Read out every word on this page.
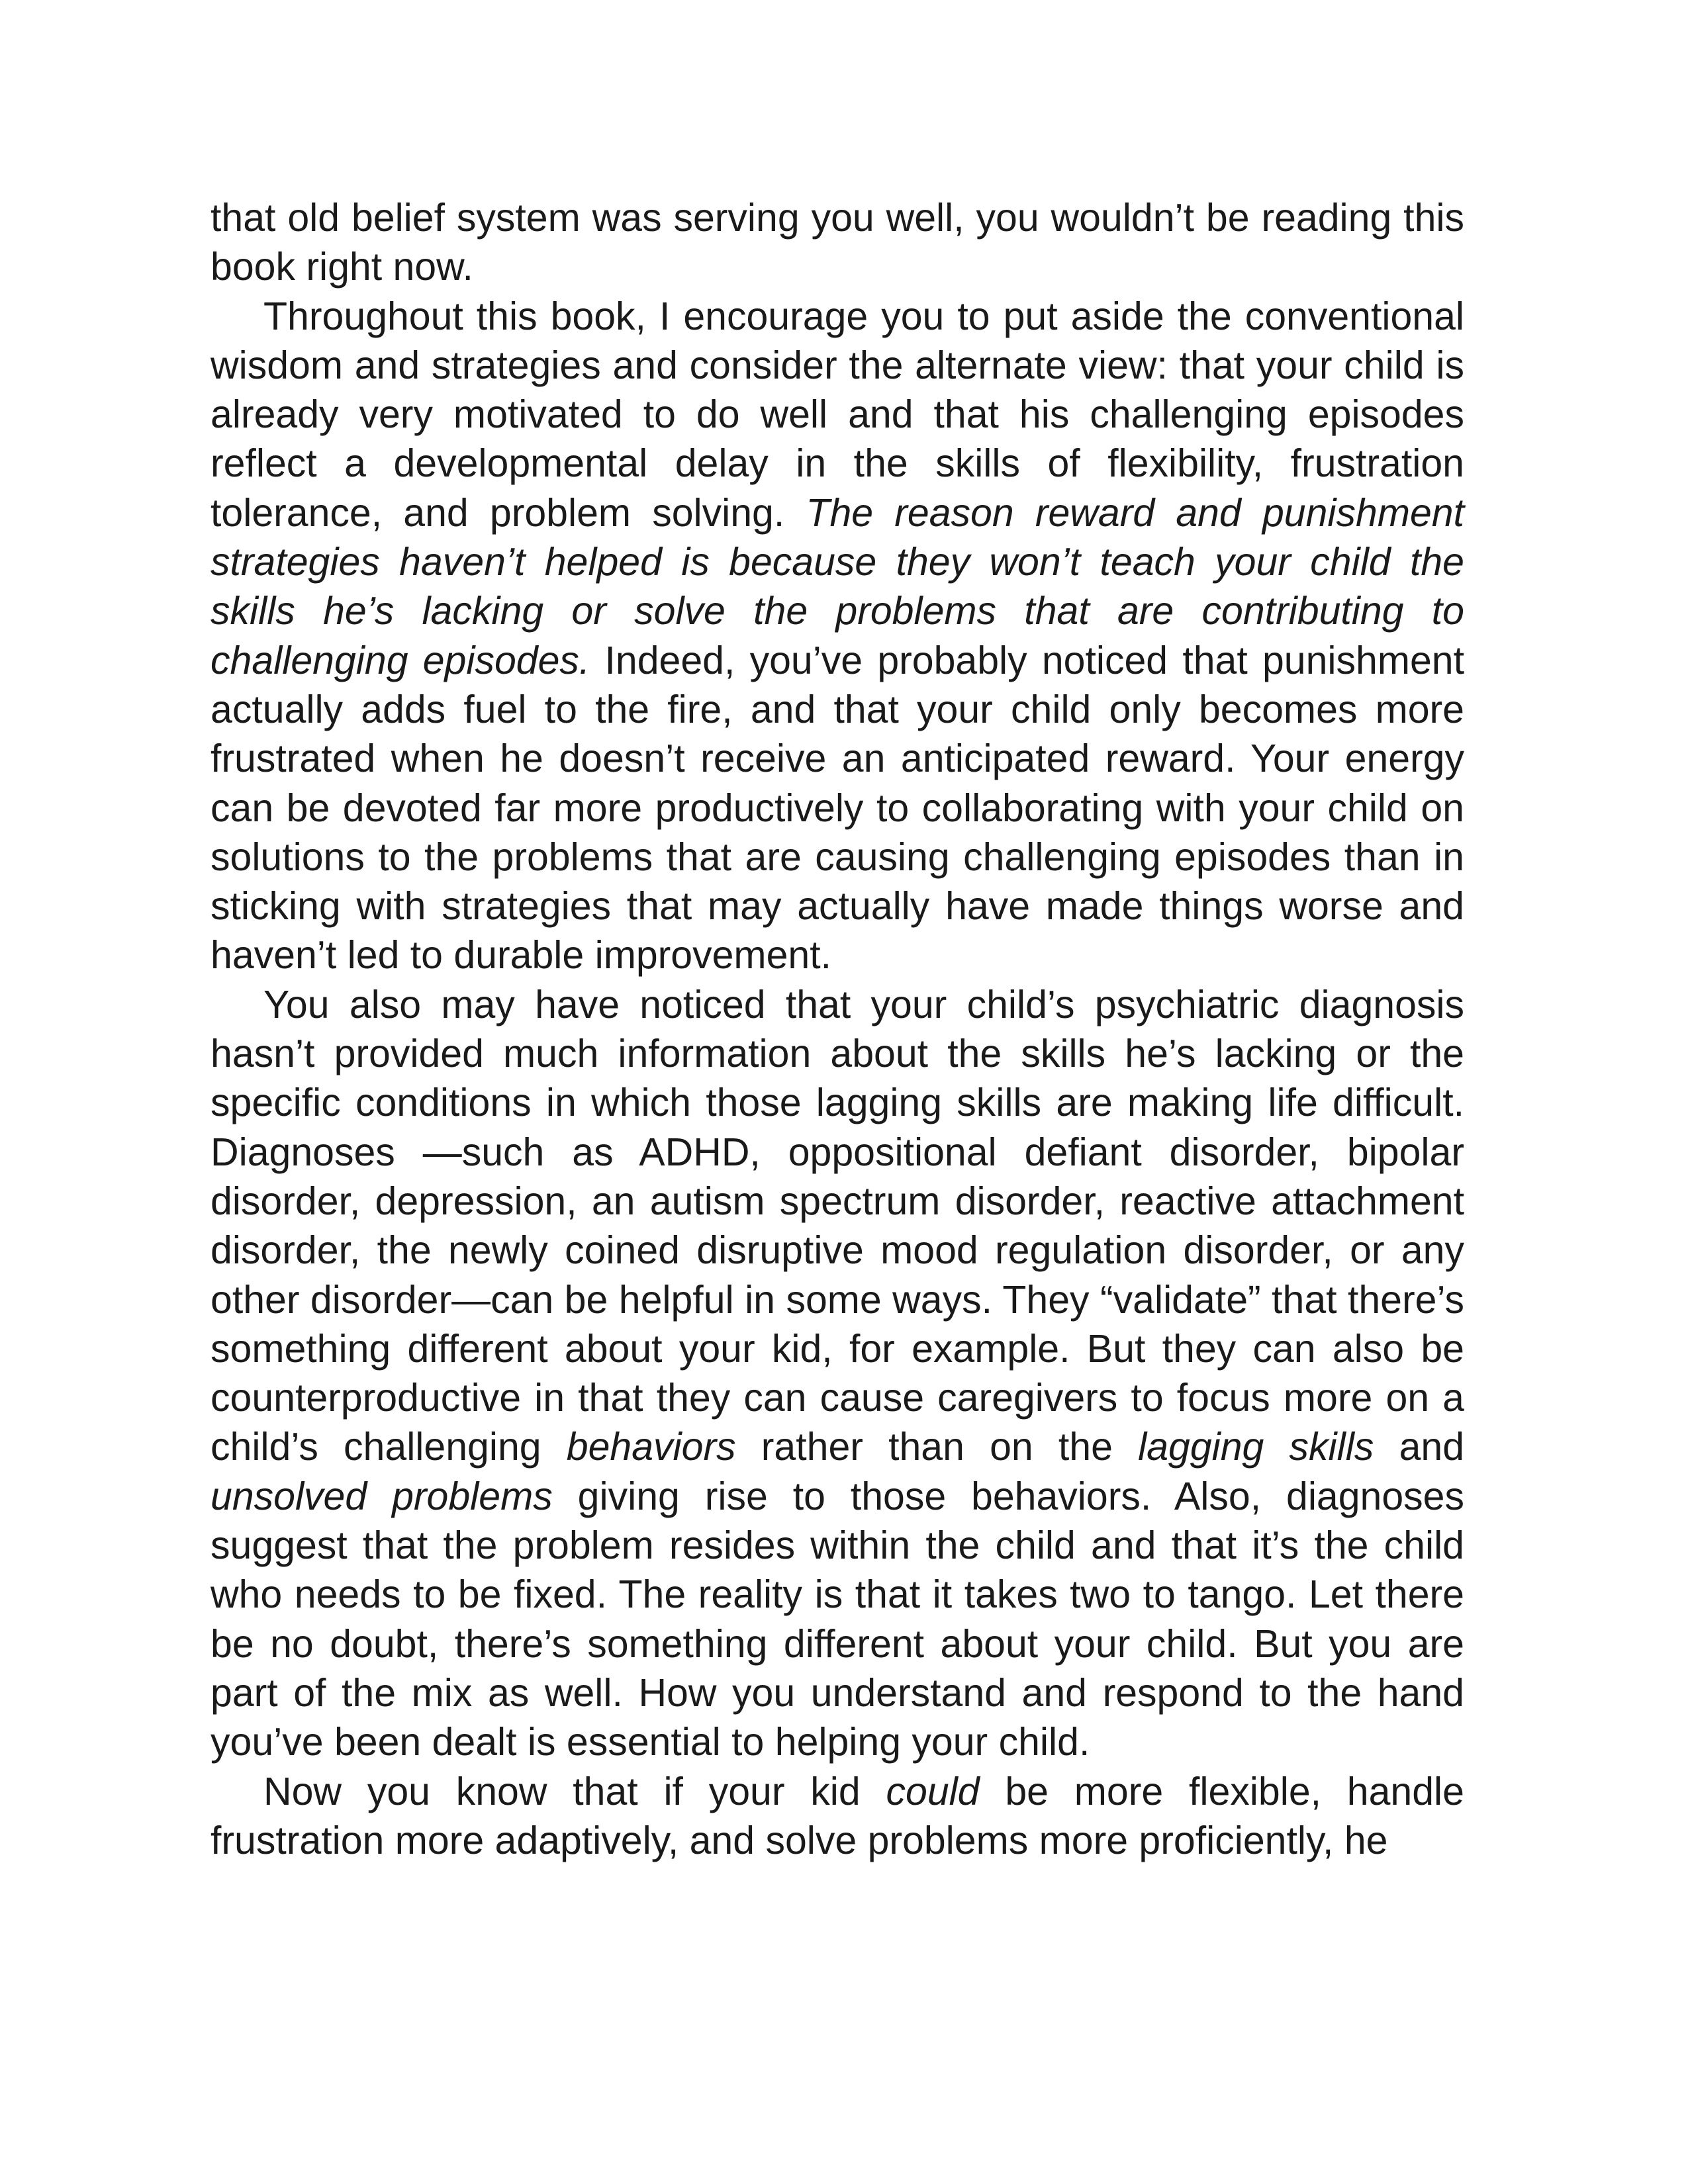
that old belief system was serving you well, you wouldn’t be reading this book right now.

Throughout this book, I encourage you to put aside the conventional wisdom and strategies and consider the alternate view: that your child is already very motivated to do well and that his challenging episodes reflect a developmental delay in the skills of flexibility, frustration tolerance, and problem solving. The reason reward and punishment strategies haven’t helped is because they won’t teach your child the skills he’s lacking or solve the problems that are contributing to challenging episodes. Indeed, you’ve probably noticed that punishment actually adds fuel to the fire, and that your child only becomes more frustrated when he doesn’t receive an anticipated reward. Your energy can be devoted far more productively to collaborating with your child on solutions to the problems that are causing challenging episodes than in sticking with strategies that may actually have made things worse and haven’t led to durable improvement.

You also may have noticed that your child’s psychiatric diagnosis hasn’t provided much information about the skills he’s lacking or the specific conditions in which those lagging skills are making life difficult. Diagnoses —such as ADHD, oppositional defiant disorder, bipolar disorder, depression, an autism spectrum disorder, reactive attachment disorder, the newly coined disruptive mood regulation disorder, or any other disorder—can be helpful in some ways. They “validate” that there’s something different about your kid, for example. But they can also be counterproductive in that they can cause caregivers to focus more on a child’s challenging behaviors rather than on the lagging skills and unsolved problems giving rise to those behaviors. Also, diagnoses suggest that the problem resides within the child and that it’s the child who needs to be fixed. The reality is that it takes two to tango. Let there be no doubt, there’s something different about your child. But you are part of the mix as well. How you understand and respond to the hand you’ve been dealt is essential to helping your child.

Now you know that if your kid could be more flexible, handle frustration more adaptively, and solve problems more proficiently, he
